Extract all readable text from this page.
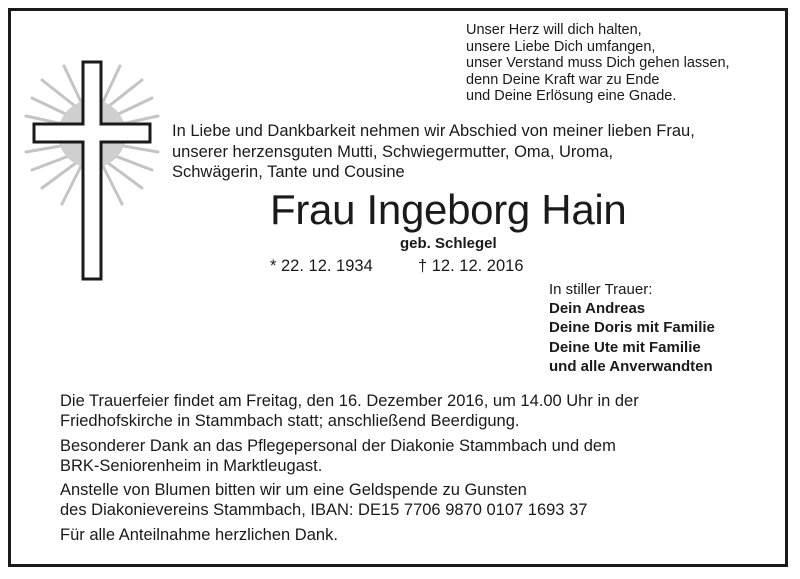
Unser Herz will dich halten,
unsere Liebe Dich umfangen,
unser Verstand muss Dich gehen lassen,
denn Deine Kraft war zu Ende
und Deine Erlösung eine Gnade.
In Liebe und Dankbarkeit nehmen wir Abschied von meiner lieben Frau,
unserer herzensguten Mutti, Schwiegermutter, Oma, Uroma,
Schwägerin, Tante und Cousine
Frau Ingeborg Hain
geb. Schlegel
* 22. 12. 1934	† 12. 12. 2016
In stiller Trauer:
Dein Andreas
Deine Doris mit Familie
Deine Ute mit Familie
und alle Anverwandten
Die Trauerfeier findet am Freitag, den 16. Dezember 2016, um 14.00 Uhr in der
Friedhofskirche in Stammbach statt; anschließend Beerdigung.
Besonderer Dank an das Pflegepersonal der Diakonie Stammbach und dem
BRK-Seniorenheim in Marktleugast.
Anstelle von Blumen bitten wir um eine Geldspende zu Gunsten
des Diakonievereins Stammbach, IBAN: DE15 7706 9870 0107 1693 37
Für alle Anteilnahme herzlichen Dank.
